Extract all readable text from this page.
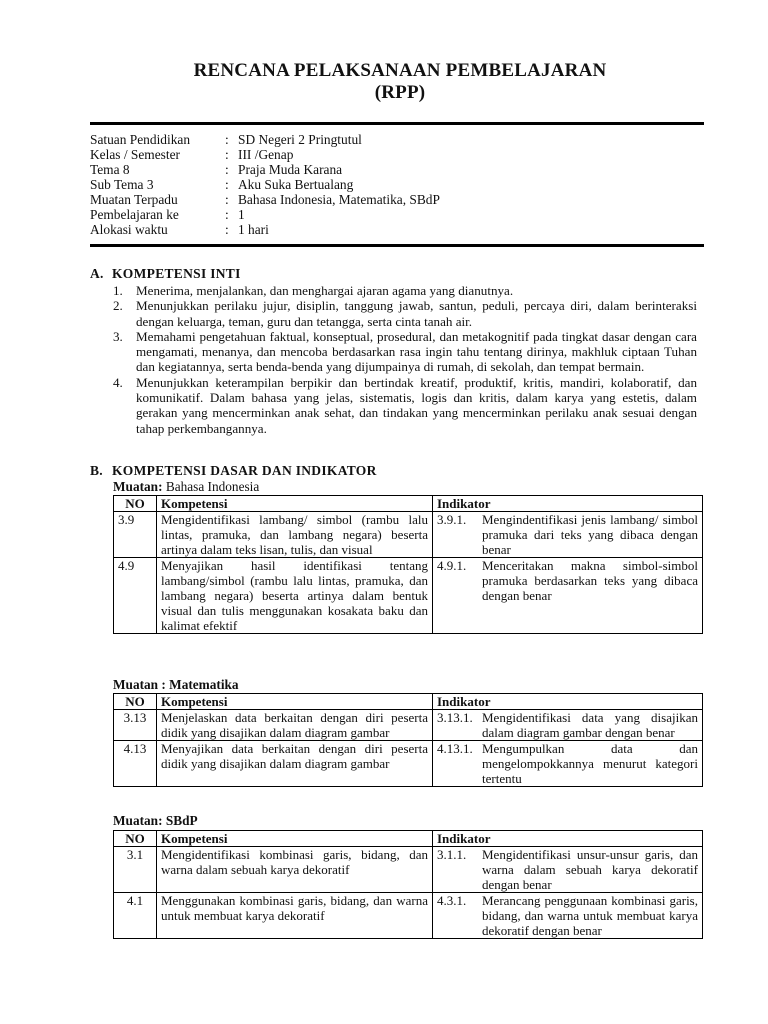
RENCANA PELAKSANAAN PEMBELAJARAN
(RPP)
Satuan Pendidikan	: SD Negeri 2 Pringtutul
Kelas / Semester	: III /Genap
Tema 8	: Praja Muda Karana
Sub Tema 3	: Aku Suka Bertualang
Muatan Terpadu	: Bahasa Indonesia, Matematika, SBdP
Pembelajaran ke	: 1
Alokasi waktu	: 1 hari
A. KOMPETENSI INTI
1. Menerima, menjalankan, dan menghargai ajaran agama yang dianutnya.
2. Menunjukkan perilaku jujur, disiplin, tanggung jawab, santun, peduli, percaya diri, dalam berinteraksi dengan keluarga, teman, guru dan tetangga, serta cinta tanah air.
3. Memahami pengetahuan faktual, konseptual, prosedural, dan metakognitif pada tingkat dasar dengan cara mengamati, menanya, dan mencoba berdasarkan rasa ingin tahu tentang dirinya, makhluk ciptaan Tuhan dan kegiatannya, serta benda-benda yang dijumpainya di rumah, di sekolah, dan tempat bermain.
4. Menunjukkan keterampilan berpikir dan bertindak kreatif, produktif, kritis, mandiri, kolaboratif, dan komunikatif. Dalam bahasa yang jelas, sistematis, logis dan kritis, dalam karya yang estetis, dalam gerakan yang mencerminkan anak sehat, dan tindakan yang mencerminkan perilaku anak sesuai dengan tahap perkembangannya.
B. KOMPETENSI DASAR DAN INDIKATOR
Muatan: Bahasa Indonesia
NO	Kompetensi	Indikator
3.9	Mengidentifikasi lambang/ simbol (rambu lalu lintas, pramuka, dan lambang negara) beserta artinya dalam teks lisan, tulis, dan visual	3.9.1. Mengindentifikasi jenis lambang/ simbol pramuka dari teks yang dibaca dengan benar

4.9	Menyajikan hasil identifikasi tentang lambang/simbol (rambu lalu lintas, pramuka, dan lambang negara) beserta artinya dalam bentuk visual dan tulis menggunakan kosakata baku dan kalimat efektif	4.9.1. Menceritakan makna simbol-simbol pramuka berdasarkan teks yang dibaca dengan benar
Muatan : Matematika
NO	Kompetensi	Indikator
3.13	Menjelaskan data berkaitan dengan diri peserta didik yang disajikan dalam diagram gambar	3.13.1. Mengidentifikasi data yang disajikan dalam diagram gambar dengan benar

4.13	Menyajikan data berkaitan dengan diri peserta didik yang disajikan dalam diagram gambar	4.13.1. Mengumpulkan data dan mengelompokkannya menurut kategori tertentu
Muatan: SBdP
NO	Kompetensi	Indikator
3.1	Mengidentifikasi kombinasi garis, bidang, dan warna dalam sebuah karya dekoratif	3.1.1. Mengidentifikasi unsur-unsur garis, dan warna dalam sebuah karya dekoratif dengan benar

4.1	Menggunakan kombinasi garis, bidang, dan warna untuk membuat karya dekoratif	4.3.1. Merancang penggunaan kombinasi garis, bidang, dan warna untuk membuat karya dekoratif dengan benar
